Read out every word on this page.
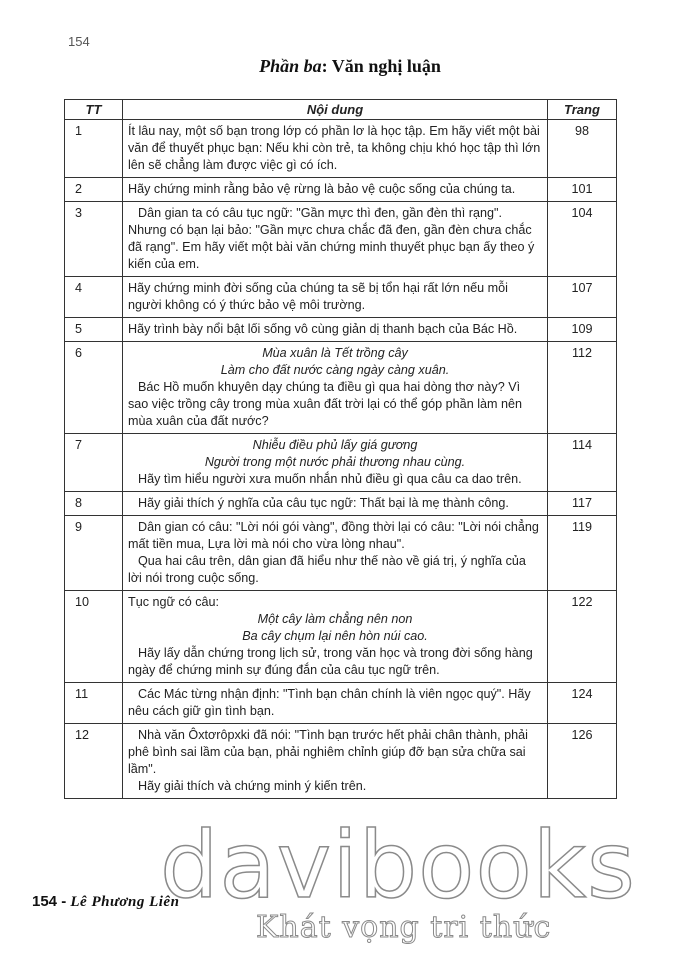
154
Phần ba: Văn nghị luận
TT	Nội dung	Trang
1	Ít lâu nay, một số bạn trong lớp có phần lơ là học tập. Em hãy viết một bài văn để thuyết phục bạn: Nếu khi còn trẻ, ta không chịu khó học tập thì lớn lên sẽ chẳng làm được việc gì có ích.	98
2	Hãy chứng minh rằng bảo vệ rừng là bảo vệ cuộc sống của chúng ta.	101
3	Dân gian ta có câu tục ngữ: "Gần mực thì đen, gần đèn thì rạng". Nhưng có bạn lại bảo: "Gần mực chưa chắc đã đen, gần đèn chưa chắc đã rạng". Em hãy viết một bài văn chứng minh thuyết phục bạn ấy theo ý kiến của em.	104
4	Hãy chứng minh đời sống của chúng ta sẽ bị tổn hại rất lớn nếu mỗi người không có ý thức bảo vệ môi trường.	107
5	Hãy trình bày nổi bật lối sống vô cùng giản dị thanh bạch của Bác Hồ.	109
6	Mùa xuân là Tết trồng cây

Làm cho đất nước càng ngày càng xuân.

Bác Hồ muốn khuyên dạy chúng ta điều gì qua hai dòng thơ này? Vì sao việc trồng cây trong mùa xuân đất trời lại có thể góp phần làm nên mùa xuân của đất nước?	112
7	Nhiễu điều phủ lấy giá gương

Người trong một nước phải thương nhau cùng.

Hãy tìm hiểu người xưa muốn nhắn nhủ điều gì qua câu ca dao trên.	114
8	Hãy giải thích ý nghĩa của câu tục ngữ: Thất bại là mẹ thành công.	117
9	Dân gian có câu: "Lời nói gói vàng", đồng thời lại có câu: "Lời nói chẳng mất tiền mua, Lựa lời mà nói cho vừa lòng nhau".

Qua hai câu trên, dân gian đã hiểu như thế nào về giá trị, ý nghĩa của lời nói trong cuộc sống.	119
10	Tục ngữ có câu:

Một cây làm chẳng nên non

Ba cây chụm lại nên hòn núi cao.

Hãy lấy dẫn chứng trong lịch sử, trong văn học và trong đời sống hàng ngày để chứng minh sự đúng đắn của câu tục ngữ trên.	122
11	Các Mác từng nhận định: "Tình bạn chân chính là viên ngọc quý". Hãy nêu cách giữ gìn tình bạn.	124
12	Nhà văn Ôxtơrôpxki đã nói: "Tình bạn trước hết phải chân thành, phải phê bình sai lầm của bạn, phải nghiêm chỉnh giúp đỡ bạn sửa chữa sai lầm".

Hãy giải thích và chứng minh ý kiến trên.	126
154 - Lê Phương Liên
davibooks
Khát vọng tri thức
